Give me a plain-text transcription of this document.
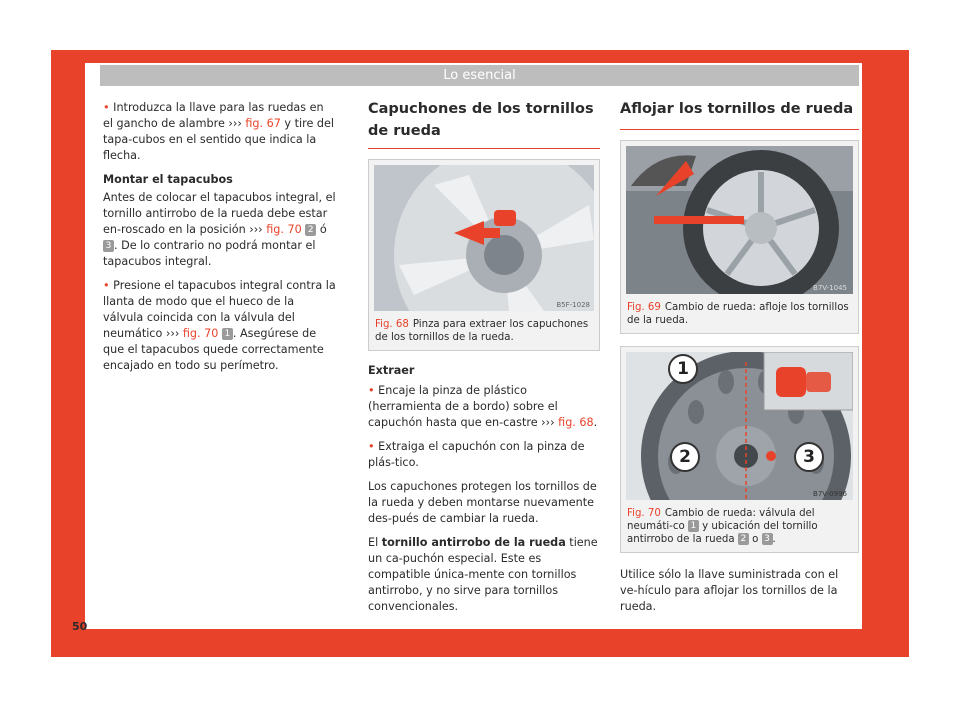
Lo esencial

• Introduzca la llave para las ruedas en el gancho de alambre ››› fig. 67 y tire del tapa-cubos en el sentido que indica la flecha.

Montar el tapacubos

Antes de colocar el tapacubos integral, el tornillo antirrobo de la rueda debe estar en-roscado en la posición ››› fig. 70 2 ó 3 . De lo contrario no podrá montar el tapacubos integral.

• Presione el tapacubos integral contra la llanta de modo que el hueco de la válvula coincida con la válvula del neumático ››› fig. 70 1 . Asegúrese de que el tapacubos quede correctamente encajado en todo su perímetro.

Capuchones de los tornillos de rueda
B5F-1028
Fig. 68 Pinza para extraer los capuchones de los tornillos de la rueda.

Extraer

• Encaje la pinza de plástico (herramienta de a bordo) sobre el capuchón hasta que en-castre ››› fig. 68.

• Extraiga el capuchón con la pinza de plás-tico.

Los capuchones protegen los tornillos de la rueda y deben montarse nuevamente des-pués de cambiar la rueda.

El tornillo antirrobo de la rueda tiene un ca-puchón especial. Este es compatible única-mente con tornillos antirrobo, y no sirve para tornillos convencionales.

Aflojar los tornillos de rueda
B7V-1045
Fig. 69 Cambio de rueda: afloje los tornillos de la rueda.
B7V-0996
1
2	3
Fig. 70 Cambio de rueda: válvula del neumáti-co 1 y ubicación del tornillo antirrobo de la rueda 2 o 3 .

Utilice sólo la llave suministrada con el ve-hículo para aflojar los tornillos de la rueda.

50
